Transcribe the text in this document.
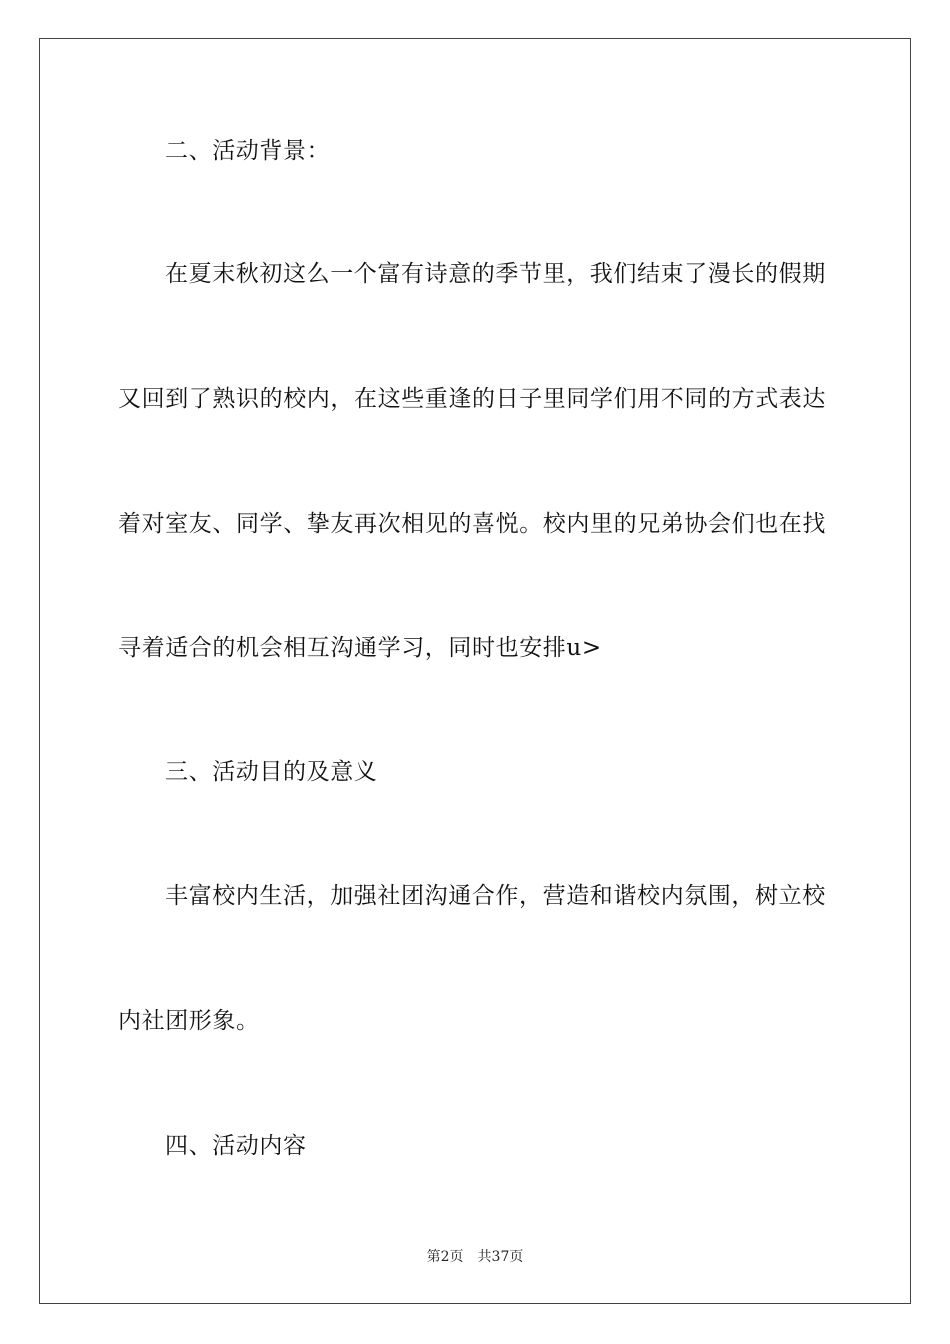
二、活动背景：
在夏末秋初这么一个富有诗意的季节里，我们结束了漫长的假期
又回到了熟识的校内，在这些重逢的日子里同学们用不同的方式表达
着对室友、同学、挚友再次相见的喜悦。校内里的兄弟协会们也在找
寻着适合的机会相互沟通学习，同时也安排u>
三、活动目的及意义
丰富校内生活，加强社团沟通合作，营造和谐校内氛围，树立校
内社团形象。
四、活动内容
第2页 共37页
